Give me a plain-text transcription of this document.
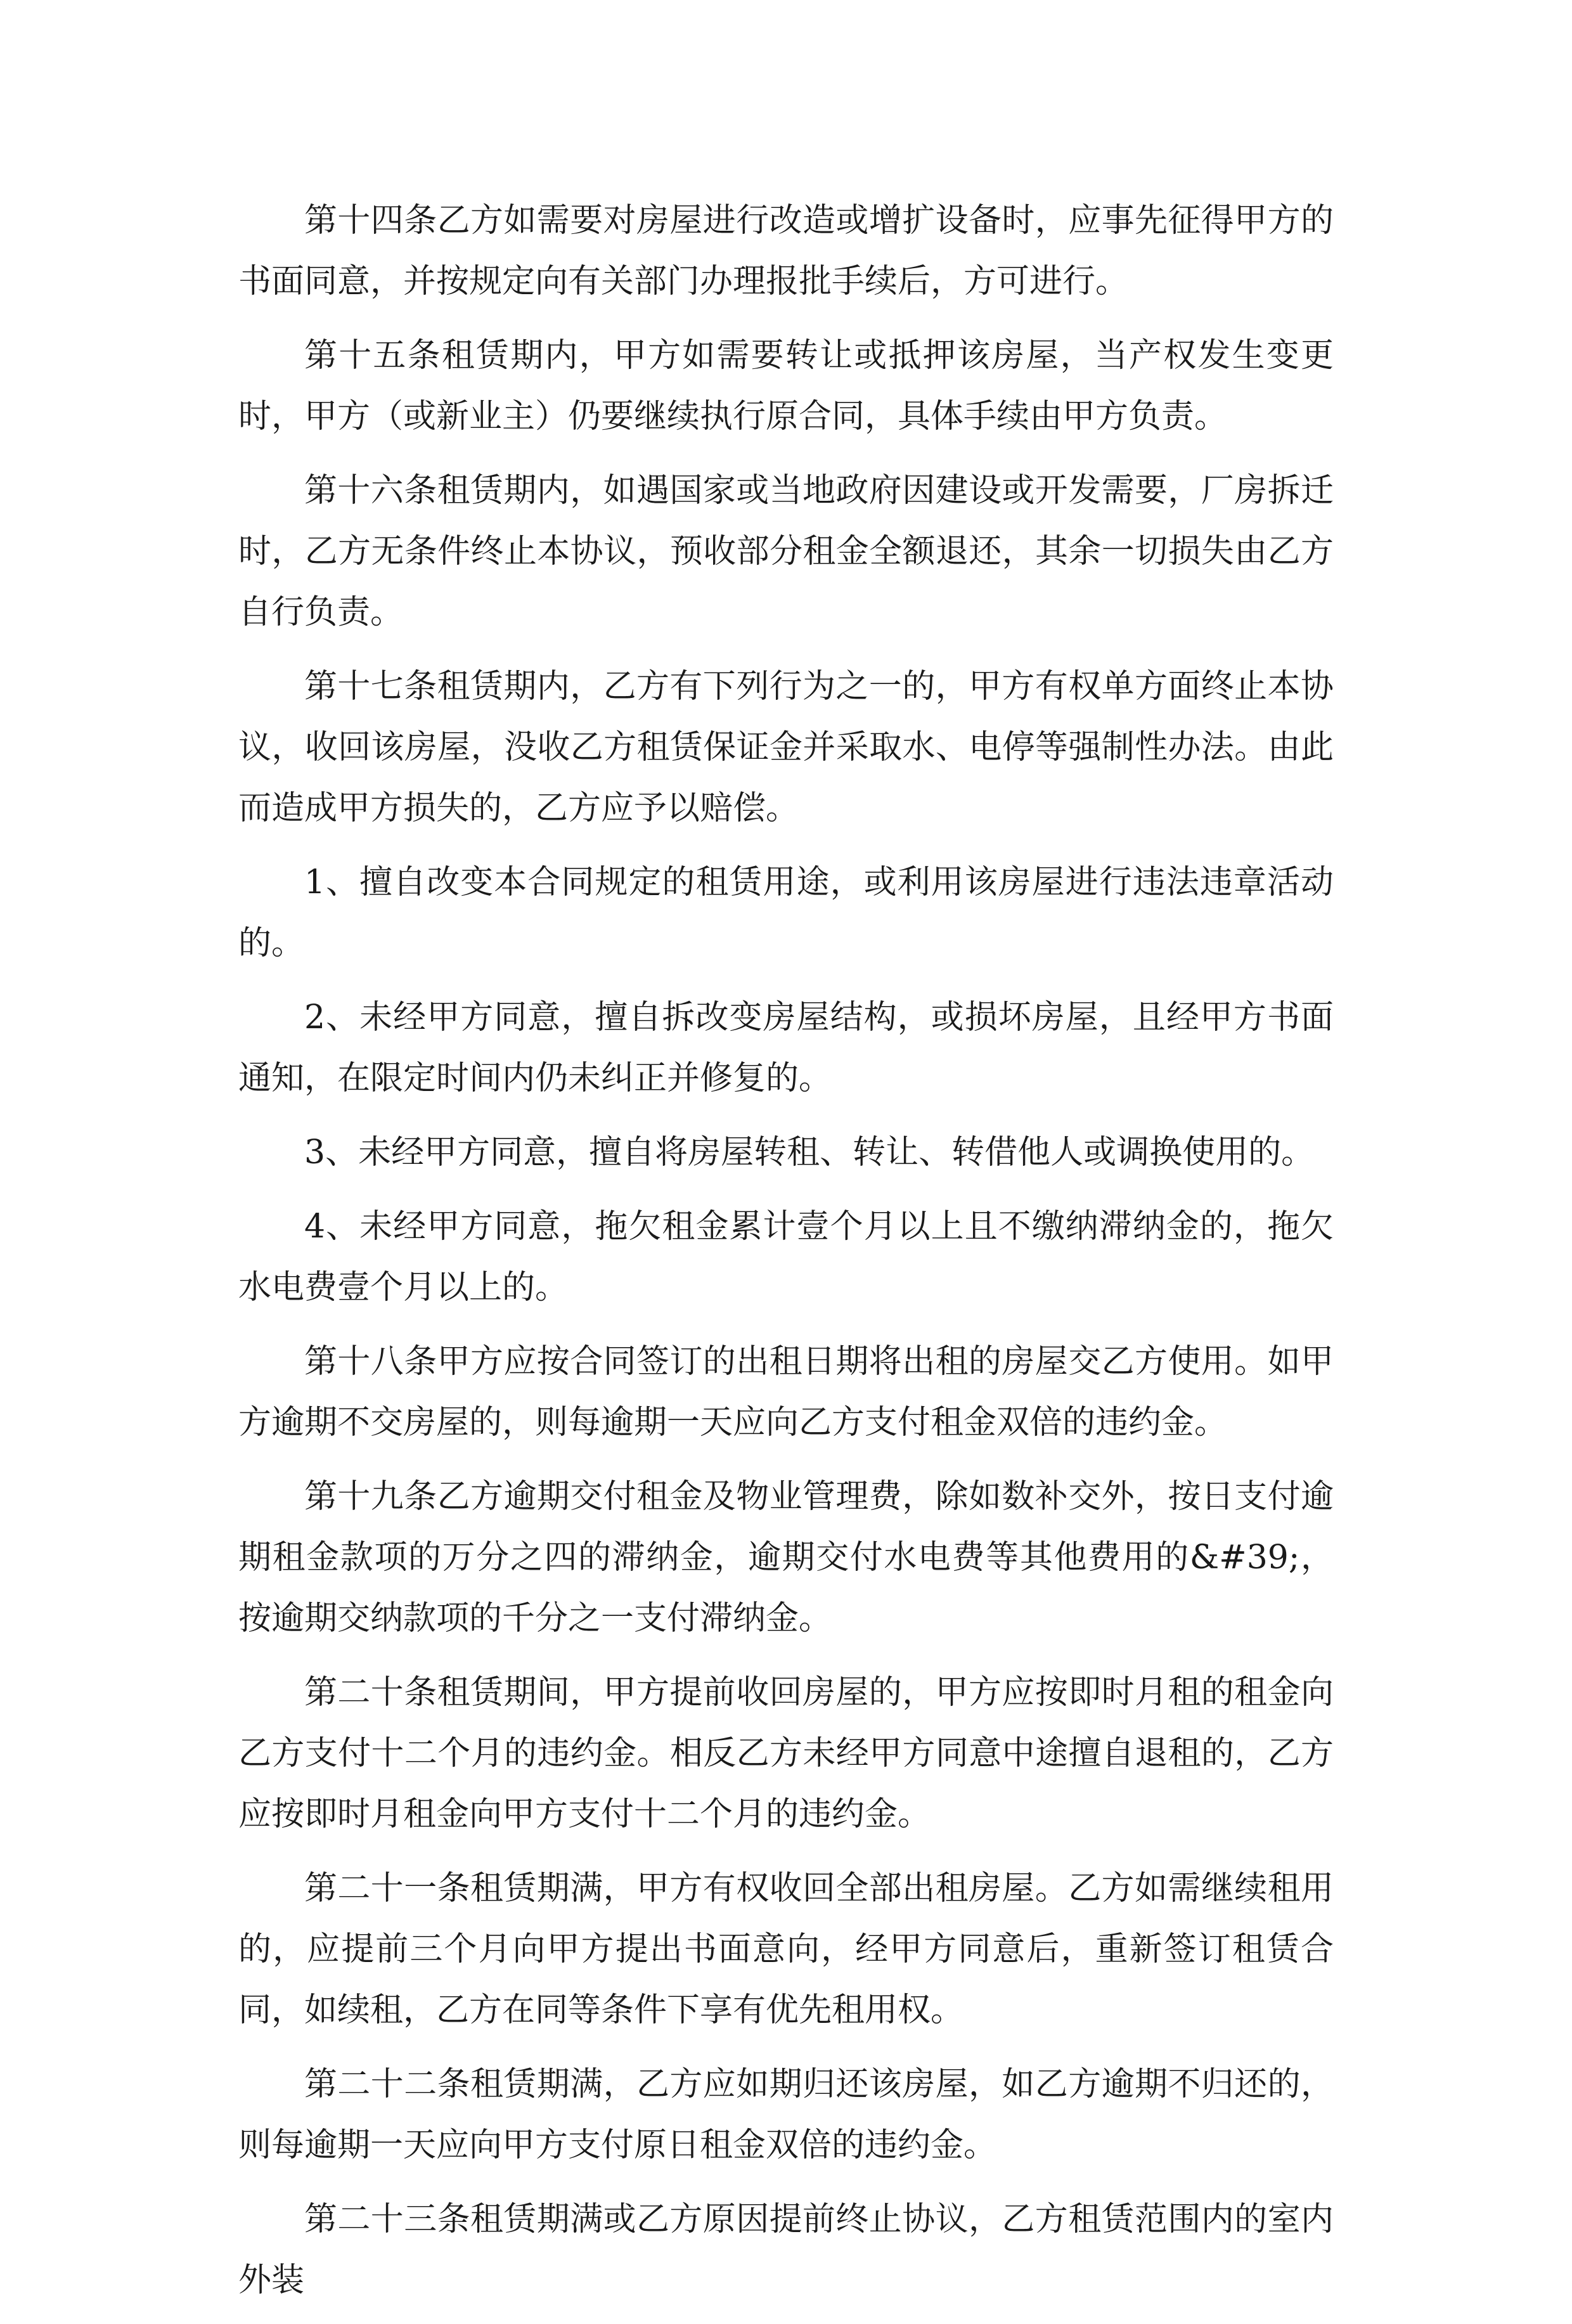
第十四条乙方如需要对房屋进行改造或增扩设备时，应事先征得甲方的书面同意，并按规定向有关部门办理报批手续后，方可进行。

第十五条租赁期内，甲方如需要转让或抵押该房屋，当产权发生变更时，甲方（或新业主）仍要继续执行原合同，具体手续由甲方负责。

第十六条租赁期内，如遇国家或当地政府因建设或开发需要，厂房拆迁时，乙方无条件终止本协议，预收部分租金全额退还，其余一切损失由乙方自行负责。

第十七条租赁期内，乙方有下列行为之一的，甲方有权单方面终止本协议，收回该房屋，没收乙方租赁保证金并采取水、电停等强制性办法。由此而造成甲方损失的，乙方应予以赔偿。

1、擅自改变本合同规定的租赁用途，或利用该房屋进行违法违章活动的。

2、未经甲方同意，擅自拆改变房屋结构，或损坏房屋，且经甲方书面通知，在限定时间内仍未纠正并修复的。

3、未经甲方同意，擅自将房屋转租、转让、转借他人或调换使用的。

4、未经甲方同意，拖欠租金累计壹个月以上且不缴纳滞纳金的，拖欠水电费壹个月以上的。

第十八条甲方应按合同签订的出租日期将出租的房屋交乙方使用。如甲方逾期不交房屋的，则每逾期一天应向乙方支付租金双倍的违约金。

第十九条乙方逾期交付租金及物业管理费，除如数补交外，按日支付逾期租金款项的万分之四的滞纳金，逾期交付水电费等其他费用的&#39;，按逾期交纳款项的千分之一支付滞纳金。

第二十条租赁期间，甲方提前收回房屋的，甲方应按即时月租的租金向乙方支付十二个月的违约金。相反乙方未经甲方同意中途擅自退租的，乙方应按即时月租金向甲方支付十二个月的违约金。

第二十一条租赁期满，甲方有权收回全部出租房屋。乙方如需继续租用的，应提前三个月向甲方提出书面意向，经甲方同意后，重新签订租赁合同，如续租，乙方在同等条件下享有优先租用权。

第二十二条租赁期满，乙方应如期归还该房屋，如乙方逾期不归还的，则每逾期一天应向甲方支付原日租金双倍的违约金。

第二十三条租赁期满或乙方原因提前终止协议，乙方租赁范围内的室内外装
